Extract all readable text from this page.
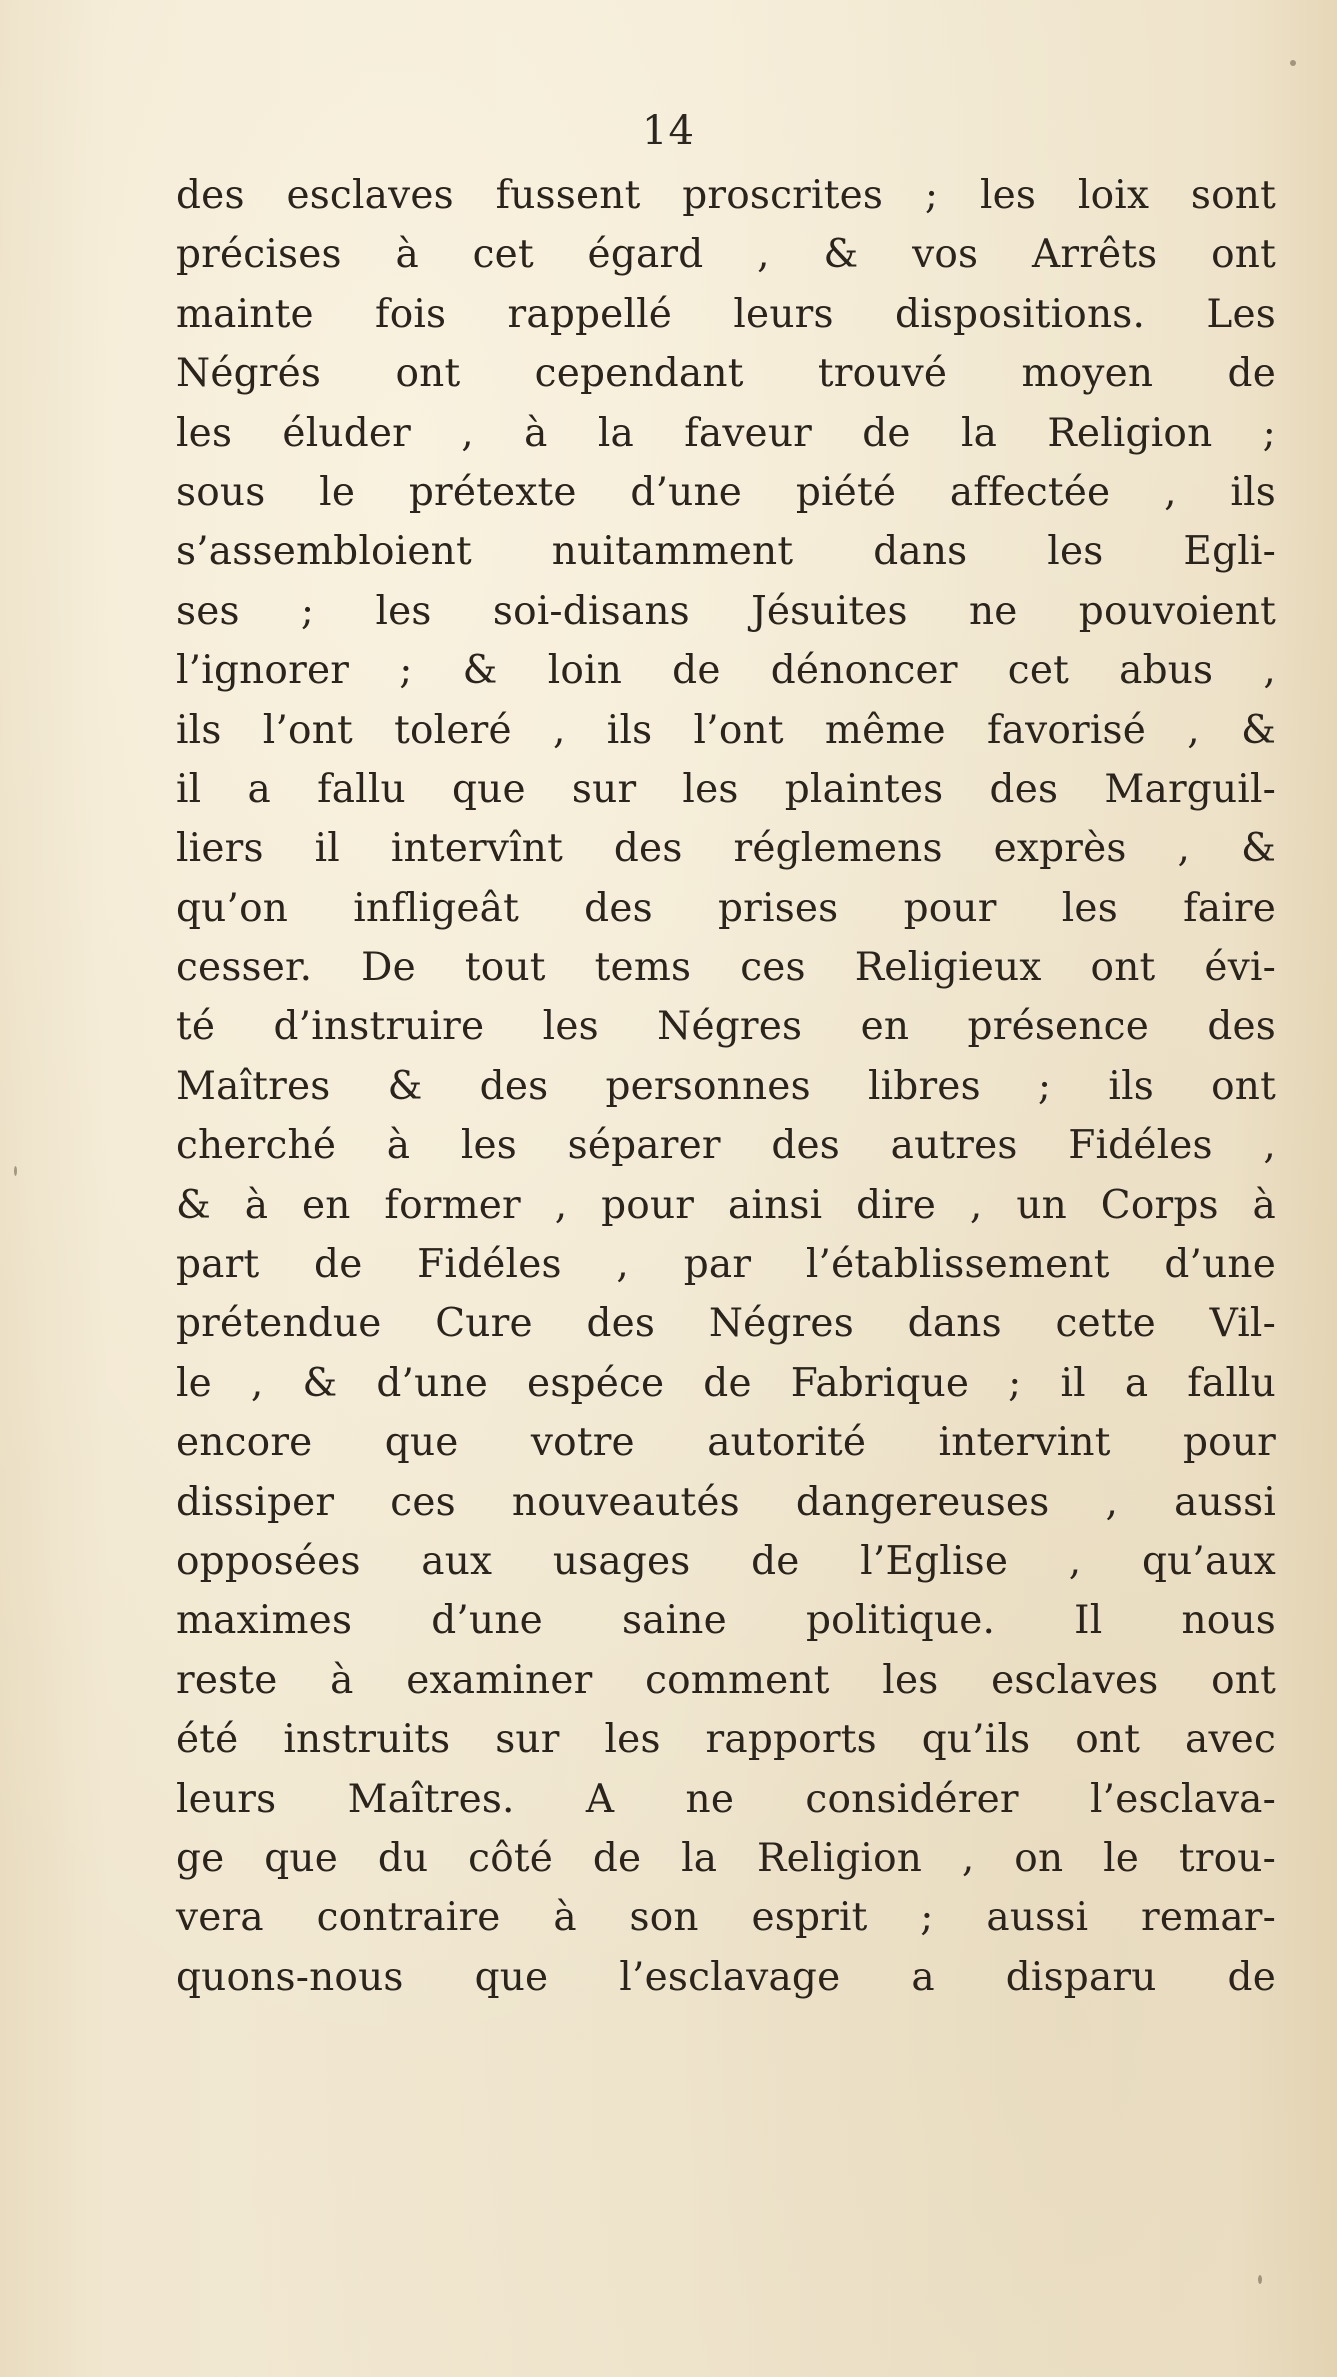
14
des esclaves fussent proscrites ; les loix sont
précises à cet égard , & vos Arrêts ont
mainte fois rappellé leurs dispositions. Les
Négrés ont cependant trouvé moyen de
les éluder , à la faveur de la Religion ;
sous le prétexte d’une piété affectée , ils
s’assembloient nuitamment dans les Egli-
ses ; les soi-disans Jésuites ne pouvoient
l’ignorer ; & loin de dénoncer cet abus ,
ils l’ont toleré , ils l’ont même favorisé , &
il a fallu que sur les plaintes des Marguil-
liers il intervînt des réglemens exprès , &
qu’on infligeât des prises pour les faire
cesser. De tout tems ces Religieux ont évi-
té d’instruire les Négres en présence des
Maîtres & des personnes libres ; ils ont
cherché à les séparer des autres Fidéles ,
& à en former , pour ainsi dire , un Corps à
part de Fidéles , par l’établissement d’une
prétendue Cure des Négres dans cette Vil-
le , & d’une espéce de Fabrique ; il a fallu
encore que votre autorité intervint pour
dissiper ces nouveautés dangereuses , aussi
opposées aux usages de l’Eglise , qu’aux
maximes d’une saine politique. Il nous
reste à examiner comment les esclaves ont
été instruits sur les rapports qu’ils ont avec
leurs Maîtres. A ne considérer l’esclava-
ge que du côté de la Religion , on le trou-
vera contraire à son esprit ; aussi remar-
quons-nous que l’esclavage a disparu de
